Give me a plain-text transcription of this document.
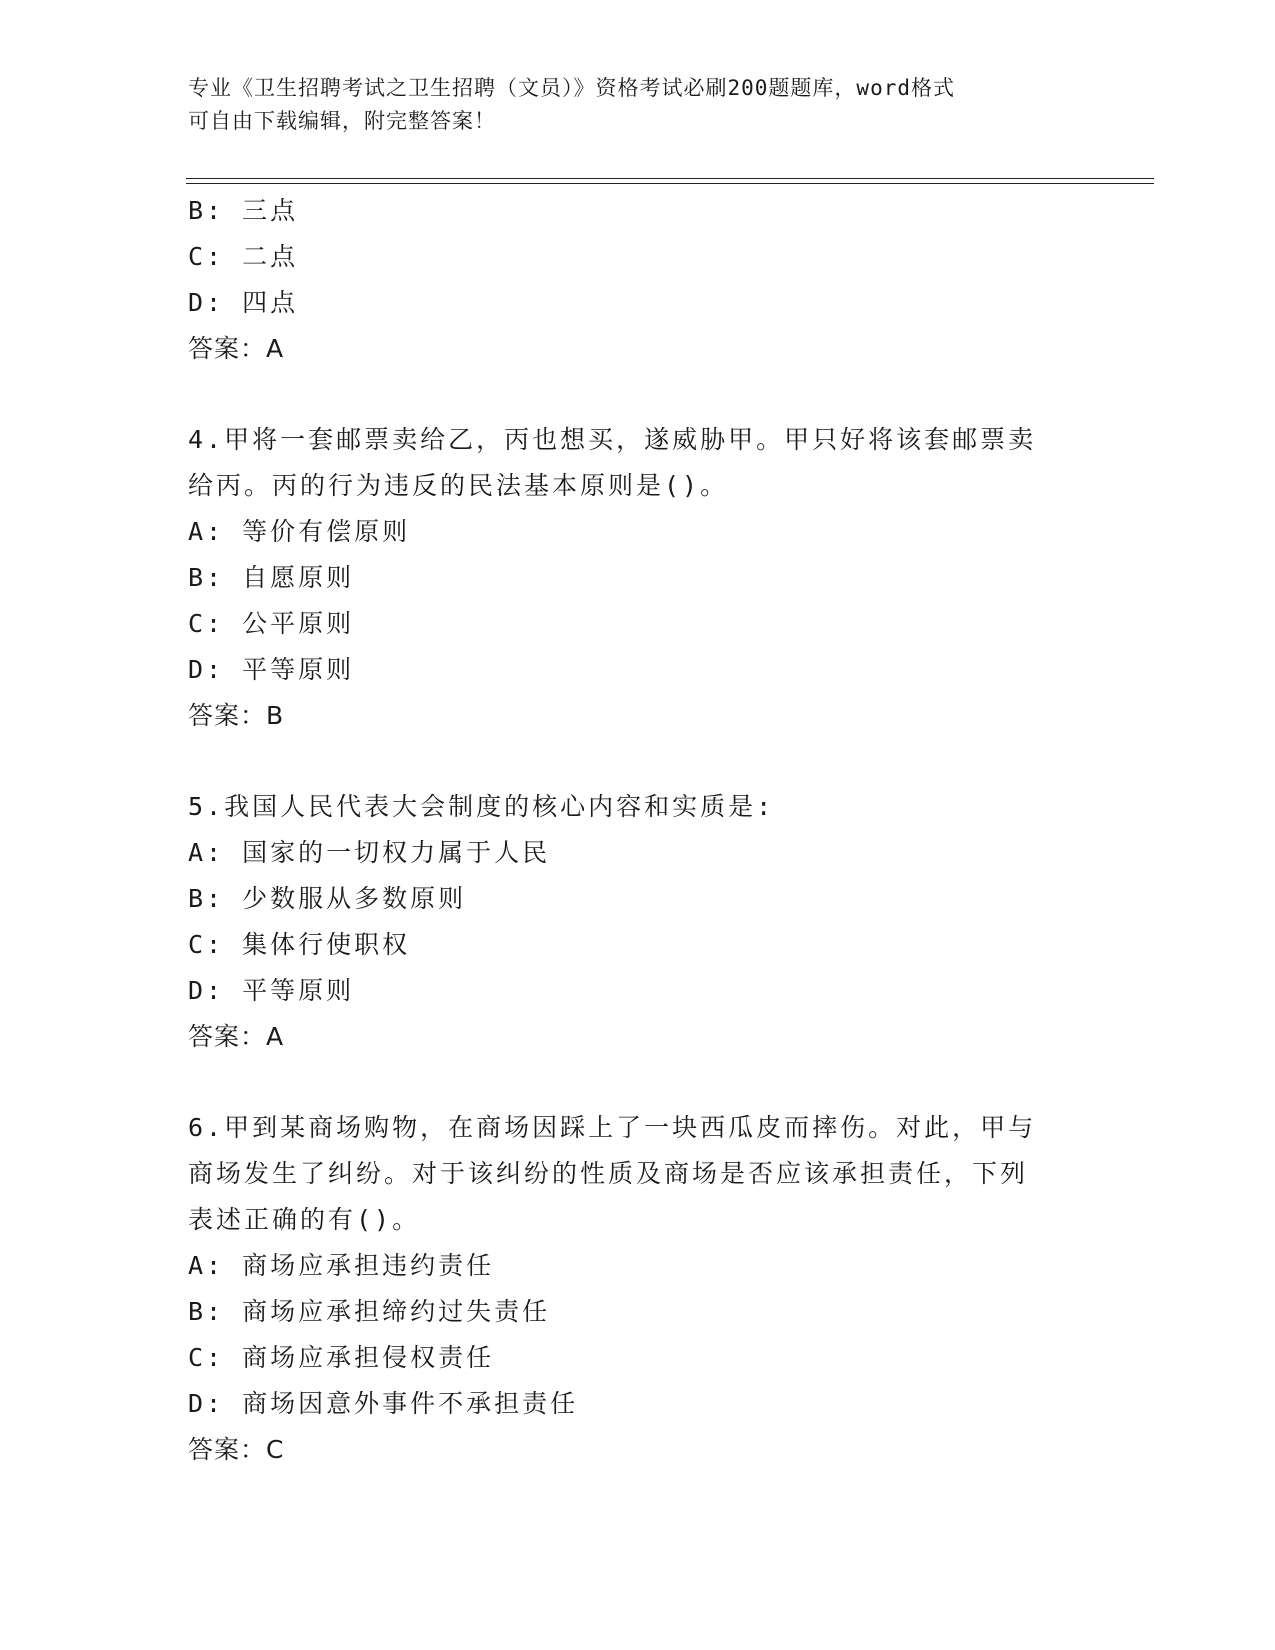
专业《卫生招聘考试之卫生招聘（文员）》资格考试必刷200题题库，word格式
可自由下载编辑，附完整答案！
B: 三点
C: 二点
D: 四点
答案：A
4.甲将一套邮票卖给乙，丙也想买，遂威胁甲。甲只好将该套邮票卖
给丙。丙的行为违反的民法基本原则是()。
A: 等价有偿原则
B: 自愿原则
C: 公平原则
D: 平等原则
答案：B
5.我国人民代表大会制度的核心内容和实质是:
A: 国家的一切权力属于人民
B: 少数服从多数原则
C: 集体行使职权
D: 平等原则
答案：A
6.甲到某商场购物，在商场因踩上了一块西瓜皮而摔伤。对此，甲与
商场发生了纠纷。对于该纠纷的性质及商场是否应该承担责任，下列
表述正确的有()。
A: 商场应承担违约责任
B: 商场应承担缔约过失责任
C: 商场应承担侵权责任
D: 商场因意外事件不承担责任
答案：C
